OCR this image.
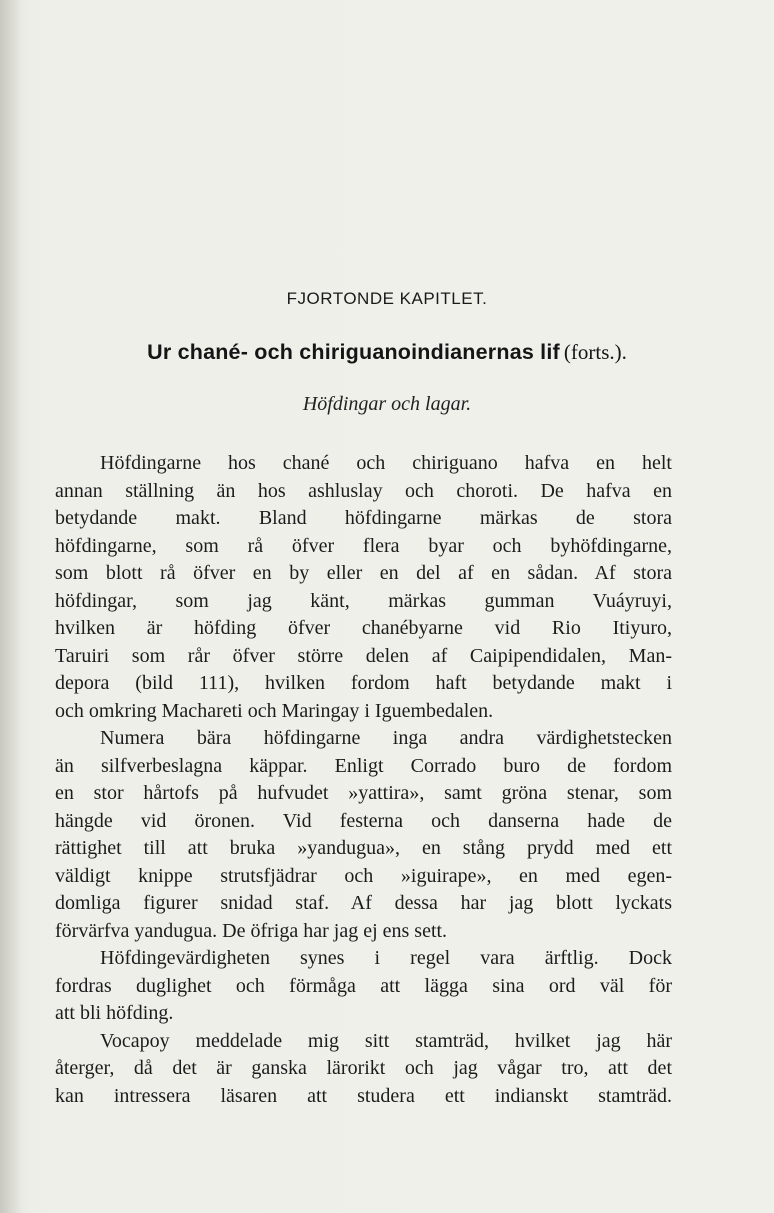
FJORTONDE KAPITLET.
Ur chané- och chiriguanoindianernas lif (forts.).
Höfdingar och lagar.
Höfdingarne hos chané och chiriguano hafva en helt
annan ställning än hos ashluslay och choroti. De hafva en
betydande makt. Bland höfdingarne märkas de stora
höfdingarne, som rå öfver flera byar och byhöfdingarne,
som blott rå öfver en by eller en del af en sådan. Af stora
höfdingar, som jag känt, märkas gumman Vuáyruyi,
hvilken är höfding öfver chanébyarne vid Rio Itiyuro,
Taruiri som rår öfver större delen af Caipipendidalen, Man-
depora (bild 111), hvilken fordom haft betydande makt i
och omkring Machareti och Maringay i Iguembedalen.
Numera bära höfdingarne inga andra värdighetstecken
än silfverbeslagna käppar. Enligt Corrado buro de fordom
en stor hårtofs på hufvudet »yattira», samt gröna stenar, som
hängde vid öronen. Vid festerna och danserna hade de
rättighet till att bruka »yandugua», en stång prydd med ett
väldigt knippe strutsfjädrar och »iguirape», en med egen-
domliga figurer snidad staf. Af dessa har jag blott lyckats
förvärfva yandugua. De öfriga har jag ej ens sett.
Höfdingevärdigheten synes i regel vara ärftlig. Dock
fordras duglighet och förmåga att lägga sina ord väl för
att bli höfding.
Vocapoy meddelade mig sitt stamträd, hvilket jag här
återger, då det är ganska lärorikt och jag vågar tro, att det
kan intressera läsaren att studera ett indianskt stamträd.
